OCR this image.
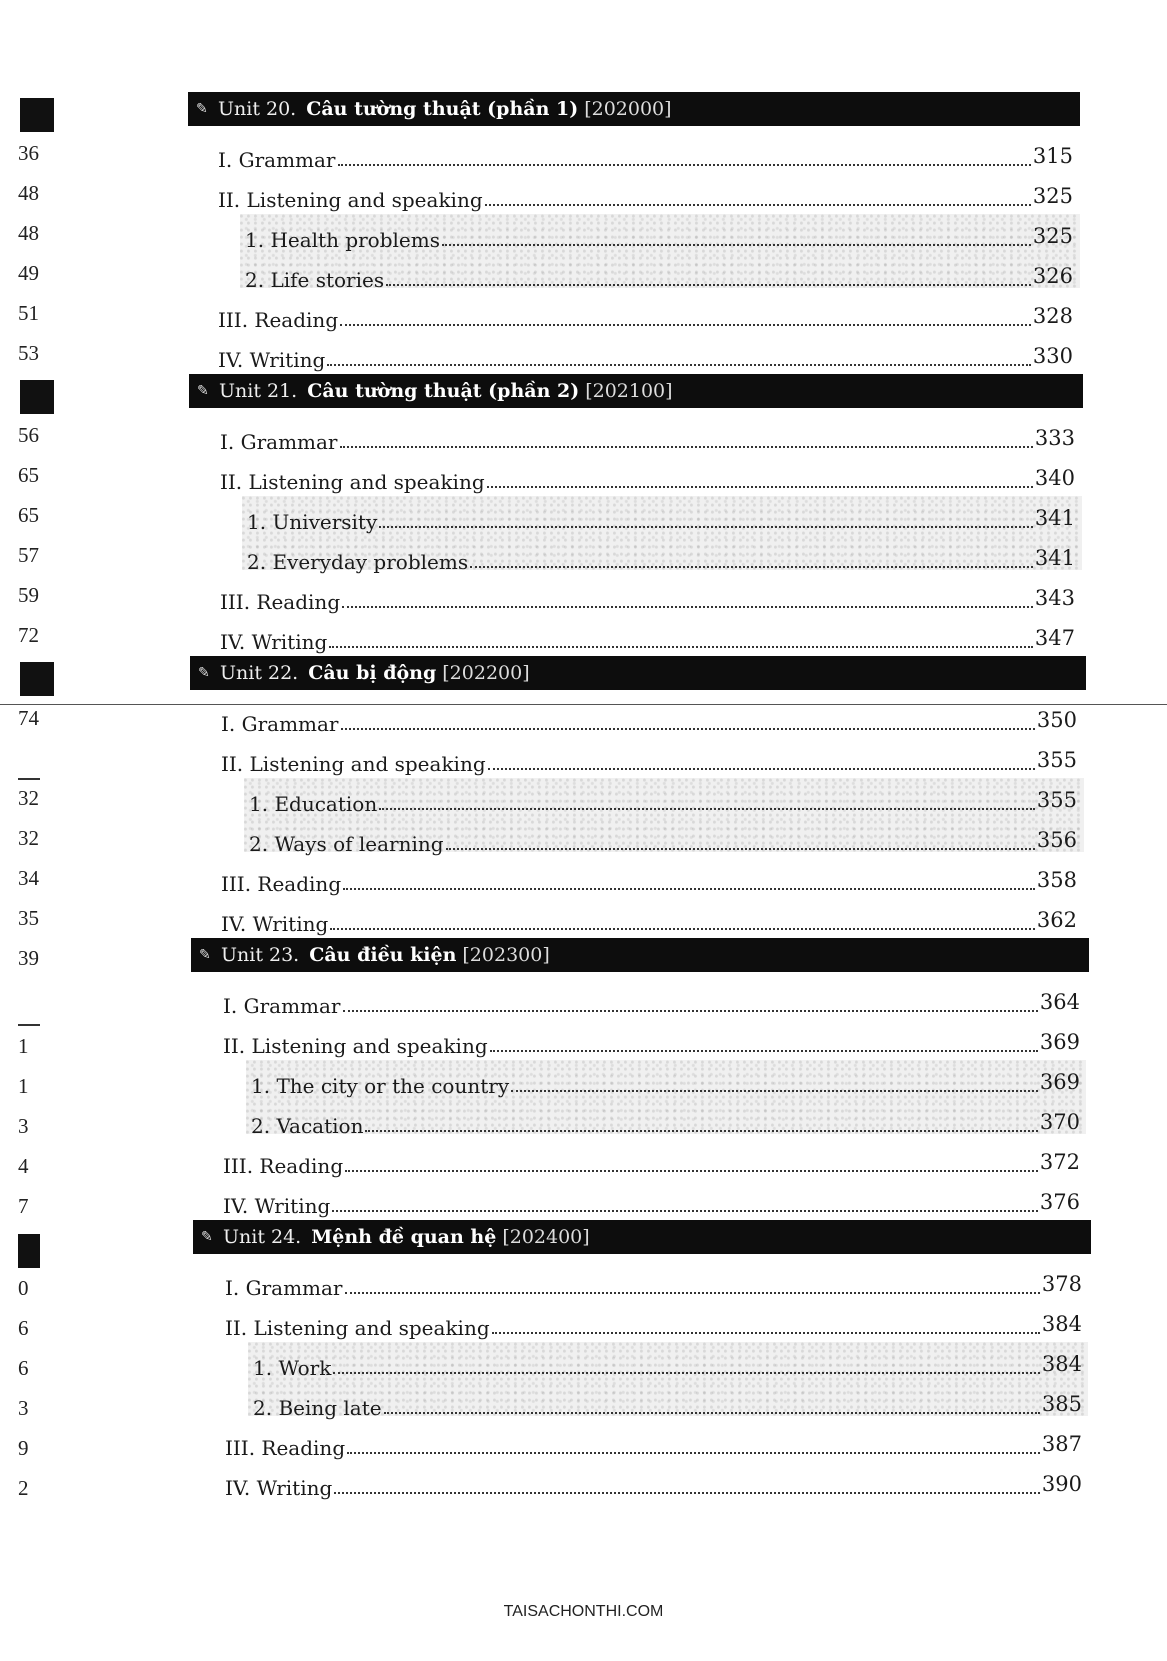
36
48
48
49
51
53
56
65
65
57
59
72
74
32
32
34
35
39
1
1
3
4
7
0
6
6
3
9
2
✎ Unit 20. Câu tường thuật (phần 1) [202000]
I. Grammar	315
II. Listening and speaking	325
1. Health problems	325
2. Life stories	326
III. Reading	328
IV. Writing	330
✎ Unit 21. Câu tường thuật (phần 2) [202100]
I. Grammar	333
II. Listening and speaking	340
1. University	341
2. Everyday problems	341
III. Reading	343
IV. Writing	347
✎ Unit 22. Câu bị động [202200]
I. Grammar	350
II. Listening and speaking	355
1. Education	355
2. Ways of learning	356
III. Reading	358
IV. Writing	362
✎ Unit 23. Câu điều kiện [202300]
I. Grammar	364
II. Listening and speaking	369
1. The city or the country	369
2. Vacation	370
III. Reading	372
IV. Writing	376
✎ Unit 24. Mệnh đề quan hệ [202400]
I. Grammar	378
II. Listening and speaking	384
1. Work	384
2. Being late	385
III. Reading	387
IV. Writing	390
TAISACHONTHI.COM
